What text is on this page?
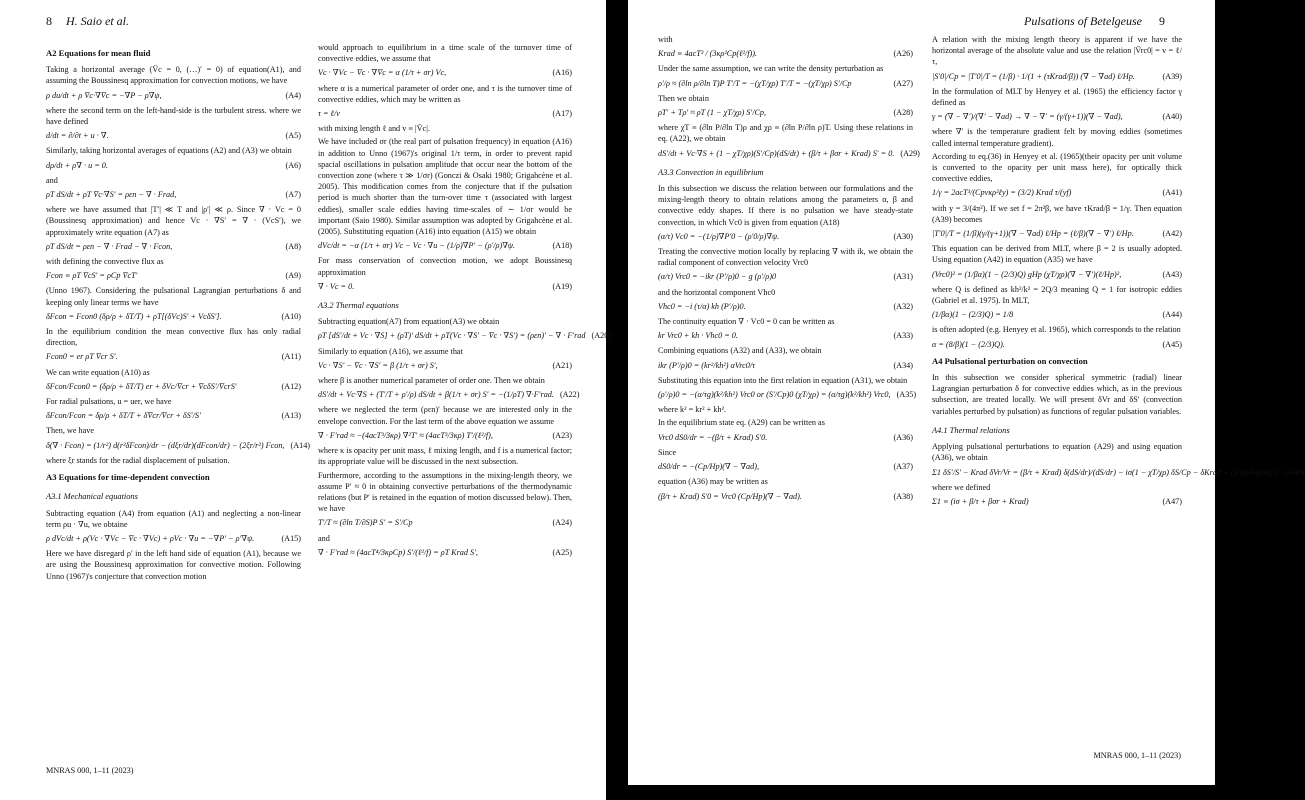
8 H. Saio et al.
A2 Equations for mean fluid

Taking a horizontal average (V̄c = 0, (…)′ = 0) of equation(A1), and assuming the Boussinesq approximation for convection motions, we have

ρ du/dt + ρ V̄c·∇V̄c = −∇P − ρ∇ψ,	(A4)

where the second term on the left-hand-side is the turbulent stress. where we have defined

d/dt = ∂/∂t + u · ∇.	(A5)

Similarly, taking horizontal averages of equations (A2) and (A3) we obtain

dρ/dt + ρ∇ · u = 0.	(A6)

and

ρT dS/dt + ρT V̄c·∇S′ = ρεn − ∇ · Frad,	(A7)

where we have assumed that |T′| ≪ T and |ρ′| ≪ ρ. Since ∇ · Vc = 0 (Boussinesq approximation) and hence Vc · ∇S′ = ∇ · (VcS′), we approximately write equation (A7) as

ρT dS/dt = ρεn − ∇ · Frad − ∇ · Fcon,	(A8)

with defining the convective flux as

Fcon ≡ ρT V̄cS′ = ρCp V̄cT′	(A9)

(Unno 1967). Considering the pulsational Lagrangian perturbations δ and keeping only linear terms we have

δFcon = Fcon0 (δρ/ρ + δT/T) + ρT[(δVc)S′ + VcδS′].	(A10)

In the equilibrium condition the mean convective flux has only radial direction,

Fcon0 = er ρT V̄cr S′.	(A11)

We can write equation (A10) as

δFcon/Fcon0 = (δρ/ρ + δT/T) er + δVc/V̄cr + V̄cδS′/V̄crS′	(A12)

For radial pulsations, u = uer, we have

δFcon/Fcon = δρ/ρ + δT/T + δV̄cr/V̄cr + δS′/S′	(A13)

Then, we have

δ(∇ · Fcon) = (1/r²) d(r²δFcon)/dr − (dξr/dr)(dFcon/dr) − (2ξr/r²) Fcon, (A14)

where ξr stands for the radial displacement of pulsation.

A3 Equations for time-dependent convection
A3.1 Mechanical equations

Subtracting equation (A4) from equation (A1) and neglecting a non-linear term ρu · ∇u, we obtaine

ρ dVc/dt + ρ(Vc · ∇Vc − V̄c · ∇Vc) + ρVc · ∇u = −∇P′ − ρ′∇ψ.	(A15)

Here we have disregard ρ′ in the left hand side of equation (A1), because we are using the Boussinesq approximation for convective motion. Following Unno (1967)'s conjecture that convection motion

would approach to equilibrium in a time scale of the turnover time of convective eddies, we assume that

Vc · ∇Vc − V̄c · ∇V̄c = α (1/τ + σr) Vc,	(A16)

where α is a numerical parameter of order one, and τ is the turnover time of convective eddies, which may be written as

τ = ℓ/v	(A17)

with mixing length ℓ and v ≡ |V̄c|.

We have included σr (the real part of pulsation frequency) in equation (A16) in addition to Unno (1967)'s original 1/τ term, in order to prevent rapid spacial oscillations in pulsation amplitude that occur near the bottom of the convection zone (where τ ≫ 1/σr) (Gonczi & Osaki 1980; Grigahcène et al. 2005). This modification comes from the conjecture that if the pulsation period is much shorter than the turn-over time τ (associated with largest eddies), smaller scale eddies having time-scales of ∼ 1/σr would be important (Saio 1980). Similar assumption was adopted by Grigahcène et al. (2005). Substituting equation (A16) into equation (A15) we obtain

dVc/dt = −α (1/τ + σr) Vc − Vc · ∇u − (1/ρ)∇P′ − (ρ′/ρ)∇ψ.	(A18)

For mass conservation of convection motion, we adopt Boussinesq approximation

∇ · Vc = 0.	(A19)
A3.2 Thermal equations

Subtracting equation(A7) from equation(A3) we obtain

ρT [dS′/dt + Vc · ∇S] + (ρT)′ dS/dt + ρT(Vc · ∇S′ − V̄c · ∇S′) = (ρεn)′ − ∇ · F′rad (A20)

Similarly to equation (A16), we assume that

Vc · ∇S′ − V̄c · ∇S′ = β (1/τ + σr) S′,	(A21)

where β is another numerical parameter of order one. Then we obtain

dS′/dt + Vc·∇S + (T′/T + ρ′/ρ) dS/dt + β(1/τ + σr) S′ = −(1/ρT) ∇·F′rad. (A22)

where we neglected the term (ρεn)′ because we are interested only in the envelope convection. For the last term of the above equation we assume

∇ · F′rad ≈ −(4acT³/3κρ) ∇²T′ ≈ (4acT³/3κρ) T′/(ℓ²/f),	(A23)

where κ is opacity per unit mass, ℓ mixing length, and f is a numerical factor; its appropriate value will be discussed in the next subsection.

Furthermore, according to the assumptions in the mixing-length theory, we assume P′ ≈ 0 in obtaining convective perturbations of the thermodynamic relations (but P′ is retained in the equation of motion discussed below). Then, we have

T′/T ≈ (∂ln T/∂S)P S′ = S′/Cp	(A24)

and

∇ · F′rad ≈ (4acT⁴/3κρCp) S′/(ℓ²/f) = ρT Krad S′,	(A25)
MNRAS 000, 1–11 (2023)
Pulsations of Betelgeuse 9

with

Krad ≡ 4acT³ / (3κρ²Cp(ℓ²/f)).	(A26)

Under the same assumption, we can write the density perturbation as

ρ′/ρ ≈ (∂ln ρ/∂ln T)P T′/T = −(χT/χρ) T′/T = −(χT/χρ) S′/Cp	(A27)

Then we obtain

ρT′ + Tρ′ ≈ ρT (1 − χT/χρ) S′/Cp,	(A28)

where χT ≡ (∂ln P/∂ln T)ρ and χρ ≡ (∂ln P/∂ln ρ)T. Using these relations in eq. (A22), we obtain

dS′/dt + Vc·∇S + (1 − χT/χρ)(S′/Cp)(dS/dt) + (β/τ + βσr + Krad) S′ = 0. (A29)
A3.3 Convection in equilibrium

In this subsection we discuss the relation between our formulations and the mixing-length theory to obtain relations among the parameters α, β and convective eddy shapes. If there is no pulsation we have steady-state convection, in which Vc0 is given from equation (A18)

(α/τ) Vc0 = −(1/ρ)∇P′0 − (ρ′0/ρ)∇ψ.	(A30)

Treating the convective motion locally by replacing ∇ with ik, we obtain the radial component of convection velocity Vrc0

(α/τ) Vrc0 = −ikr (P′/ρ)0 − g (ρ′/ρ)0	(A31)

and the horizontal component Vhc0

Vhc0 = −i (τ/α) kh (P′/ρ)0.	(A32)

The continuity equation ∇ · Vc0 = 0 can be written as

kr Vrc0 + kh · Vhc0 = 0.	(A33)

Combining equations (A32) and (A33), we obtain

ikr (P′/ρ)0 = (kr²/kh²) αVrc0/τ	(A34)

Substituting this equation into the first relation in equation (A31), we obtain

(ρ′/ρ)0 = −(α/τg)(k²/kh²) Vrc0 or (S′/Cp)0 (χT/χρ) = (α/τg)(k²/kh²) Vrc0, (A35)

where k² = kr² + kh².

In the equilibrium state eq. (A29) can be written as

Vrc0 dS0/dr = −(β/τ + Krad) S′0.	(A36)

Since

dS0/dr = −(Cp/Hp)(∇ − ∇ad),	(A37)

equation (A36) may be written as

(β/τ + Krad) S′0 = Vrc0 (Cp/Hp)(∇ − ∇ad).	(A38)

A relation with the mixing length theory is apparent if we have the horizontal average of the absolute value and use the relation |V̄rc0| = v = ℓ/τ,

|S′0|/Cp = |T′0|/T = (1/β) · 1/(1 + (τKrad/β)) (∇ − ∇ad) ℓ/Hp.	(A39)

In the formulation of MLT by Henyey et al. (1965) the efficiency factor γ defined as

γ = (∇ − ∇′)/(∇′ − ∇ad) → ∇ − ∇′ = (γ/(γ+1))(∇ − ∇ad),	(A40)

where ∇′ is the temperature gradient felt by moving eddies (sometimes called internal temperature gradient).

According to eq.(36) in Henyey et al. (1965)(their opacity per unit volume is converted to the opacity per unit mass here), for optically thick convective eddies,

1/γ = 2acT³/(Cpvκρ²ℓy) = (3/2) Krad τ/(yf)	(A41)

with y = 3/(4π²). If we set f = 2π²β, we have τKrad/β = 1/γ. Then equation (A39) becomes

|T′0|/T = (1/β)(γ/(γ+1))(∇ − ∇ad) ℓ/Hp = (ℓ/β)(∇ − ∇′) ℓ/Hp.	(A42)

This equation can be derived from MLT, where β = 2 is usually adopted. Using equation (A42) in equation (A35) we have

(Vrc0)² = (1/βα)(1 − (2/3)Q) gHp (χT/χρ)(∇ − ∇′)(ℓ/Hp)²,	(A43)

where Q is defined as kh²/k² = 2Q/3 meaning Q = 1 for isotropic eddies (Gabriel et al. 1975). In MLT,

(1/βα)(1 − (2/3)Q) = 1/8	(A44)

is often adopted (e.g. Henyey et al. 1965), which corresponds to the relation

α = (8/β)(1 − (2/3)Q).	(A45)
A4 Pulsational perturbation on convection

In this subsection we consider spherical symmetric (radial) linear Lagrangian perturbation δ for convective eddies which, as in the previous subsection, are treated locally. We will present δVr and δS′ (convection variables perturbed by pulsation) as functions of regular pulsation variables.

A4.1 Thermal relations

Applying pulsational perturbations to equation (A29) and using equation (A36), we obtain

Σ1 δS′/S′ − Krad δVr/Vr = (β/τ + Krad) δ(dS/dr)/(dS/dr) − iσ(1 − χT/χρ) δS/Cp − δKrad + (β/τ)(δHp/Hp), (A46)

where we defined

Σ1 ≡ (iσ + β/τ + βσr + Krad)	(A47)
MNRAS 000, 1–11 (2023)
